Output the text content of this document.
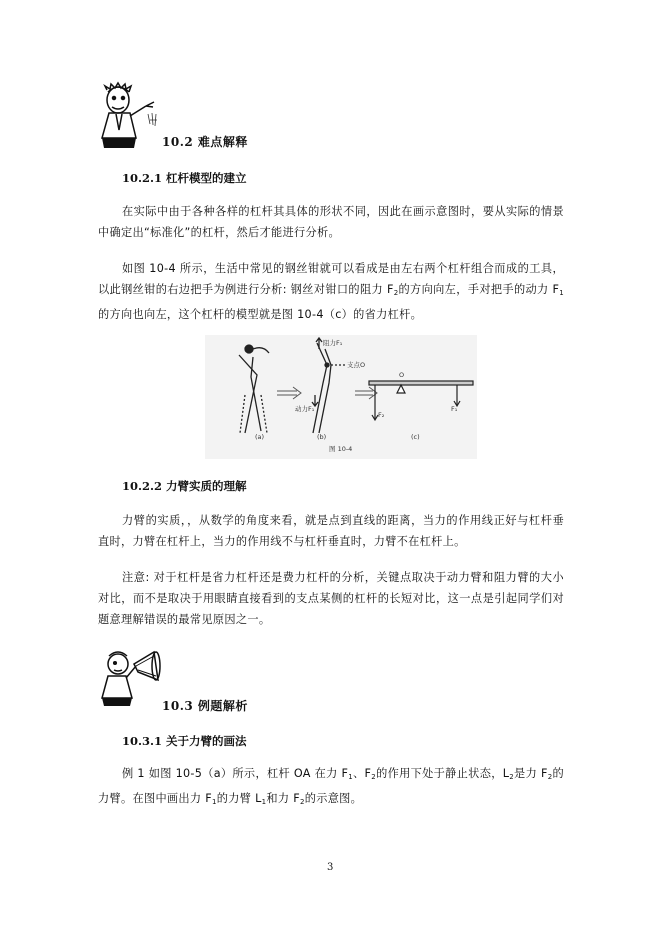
10.2 难点解释
10.2.1 杠杆模型的建立
在实际中由于各种各样的杠杆其具体的形状不同，因此在画示意图时，要从实际的情景中确定出“标准化”的杠杆，然后才能进行分析。
如图 10-4 所示，生活中常见的钢丝钳就可以看成是由左右两个杠杆组合而成的工具，以此钢丝钳的右边把手为例进行分析: 钢丝对钳口的阻力 $F_2$的方向向左，手对把手的动力 $F_1$的方向也向左，这个杠杆的模型就是图 10-4（c）的省力杠杆。
阻力F₁
支点O
动力F₁
O
F₂
F₁
(a)	(b)	(c)
图 10-4
10.2.2 力臂实质的理解
力臂的实质，，从数学的角度来看，就是点到直线的距离，当力的作用线正好与杠杆垂直时，力臂在杠杆上，当力的作用线不与杠杆垂直时，力臂不在杠杆上。
注意: 对于杠杆是省力杠杆还是费力杠杆的分析，关键点取决于动力臂和阻力臂的大小对比，而不是取决于用眼睛直接看到的支点某侧的杠杆的长短对比，这一点是引起同学们对题意理解错误的最常见原因之一。
10.3 例题解析
10.3.1 关于力臂的画法
例 1 如图 10-5（a）所示，杠杆 OA 在力 $F_1$、$F_2$的作用下处于静止状态，$L_2$是力 $F_2$的力臂。在图中画出力 $F_1$的力臂 $L_1$和力 $F_2$的示意图。
3
